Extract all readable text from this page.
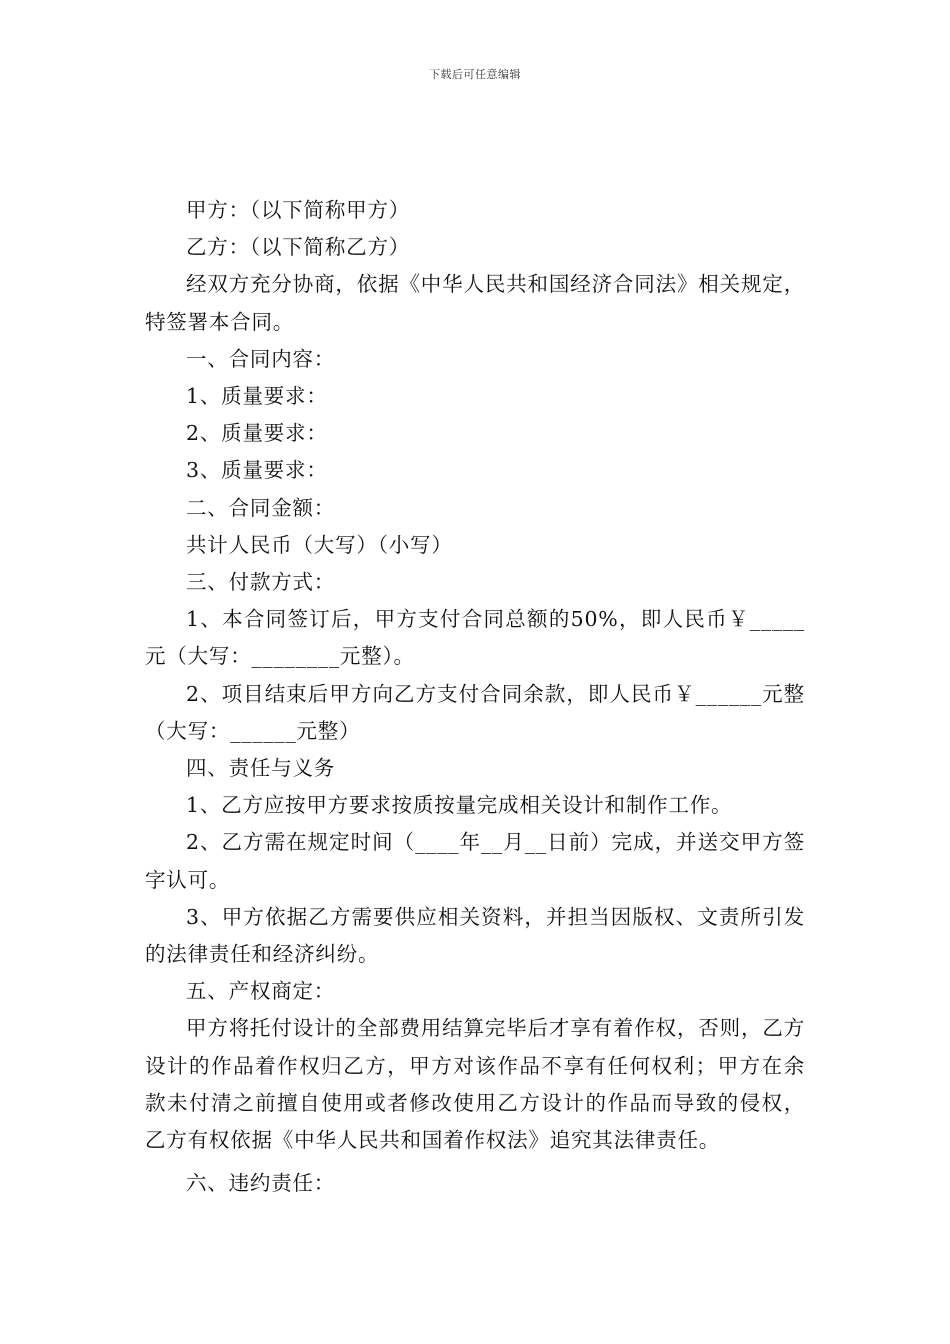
下载后可任意编辑

甲方：（以下简称甲方）

乙方：（以下简称乙方）

经双方充分协商，依据《中华人民共和国经济合同法》相关规定，特签署本合同。

一、合同内容：

1、质量要求：

2、质量要求：

3、质量要求：

二、合同金额：

共计人民币（大写）（小写）

三、付款方式：

1、本合同签订后，甲方支付合同总额的50%，即人民币￥_____元（大写：________元整）。

2、项目结束后甲方向乙方支付合同余款，即人民币￥______元整（大写：______元整）

四、责任与义务

1、乙方应按甲方要求按质按量完成相关设计和制作工作。

2、乙方需在规定时间（____年__月__日前）完成，并送交甲方签字认可。

3、甲方依据乙方需要供应相关资料，并担当因版权、文责所引发的法律责任和经济纠纷。

五、产权商定：

甲方将托付设计的全部费用结算完毕后才享有着作权，否则，乙方设计的作品着作权归乙方，甲方对该作品不享有任何权利；甲方在余款未付清之前擅自使用或者修改使用乙方设计的作品而导致的侵权，乙方有权依据《中华人民共和国着作权法》追究其法律责任。

六、违约责任：
